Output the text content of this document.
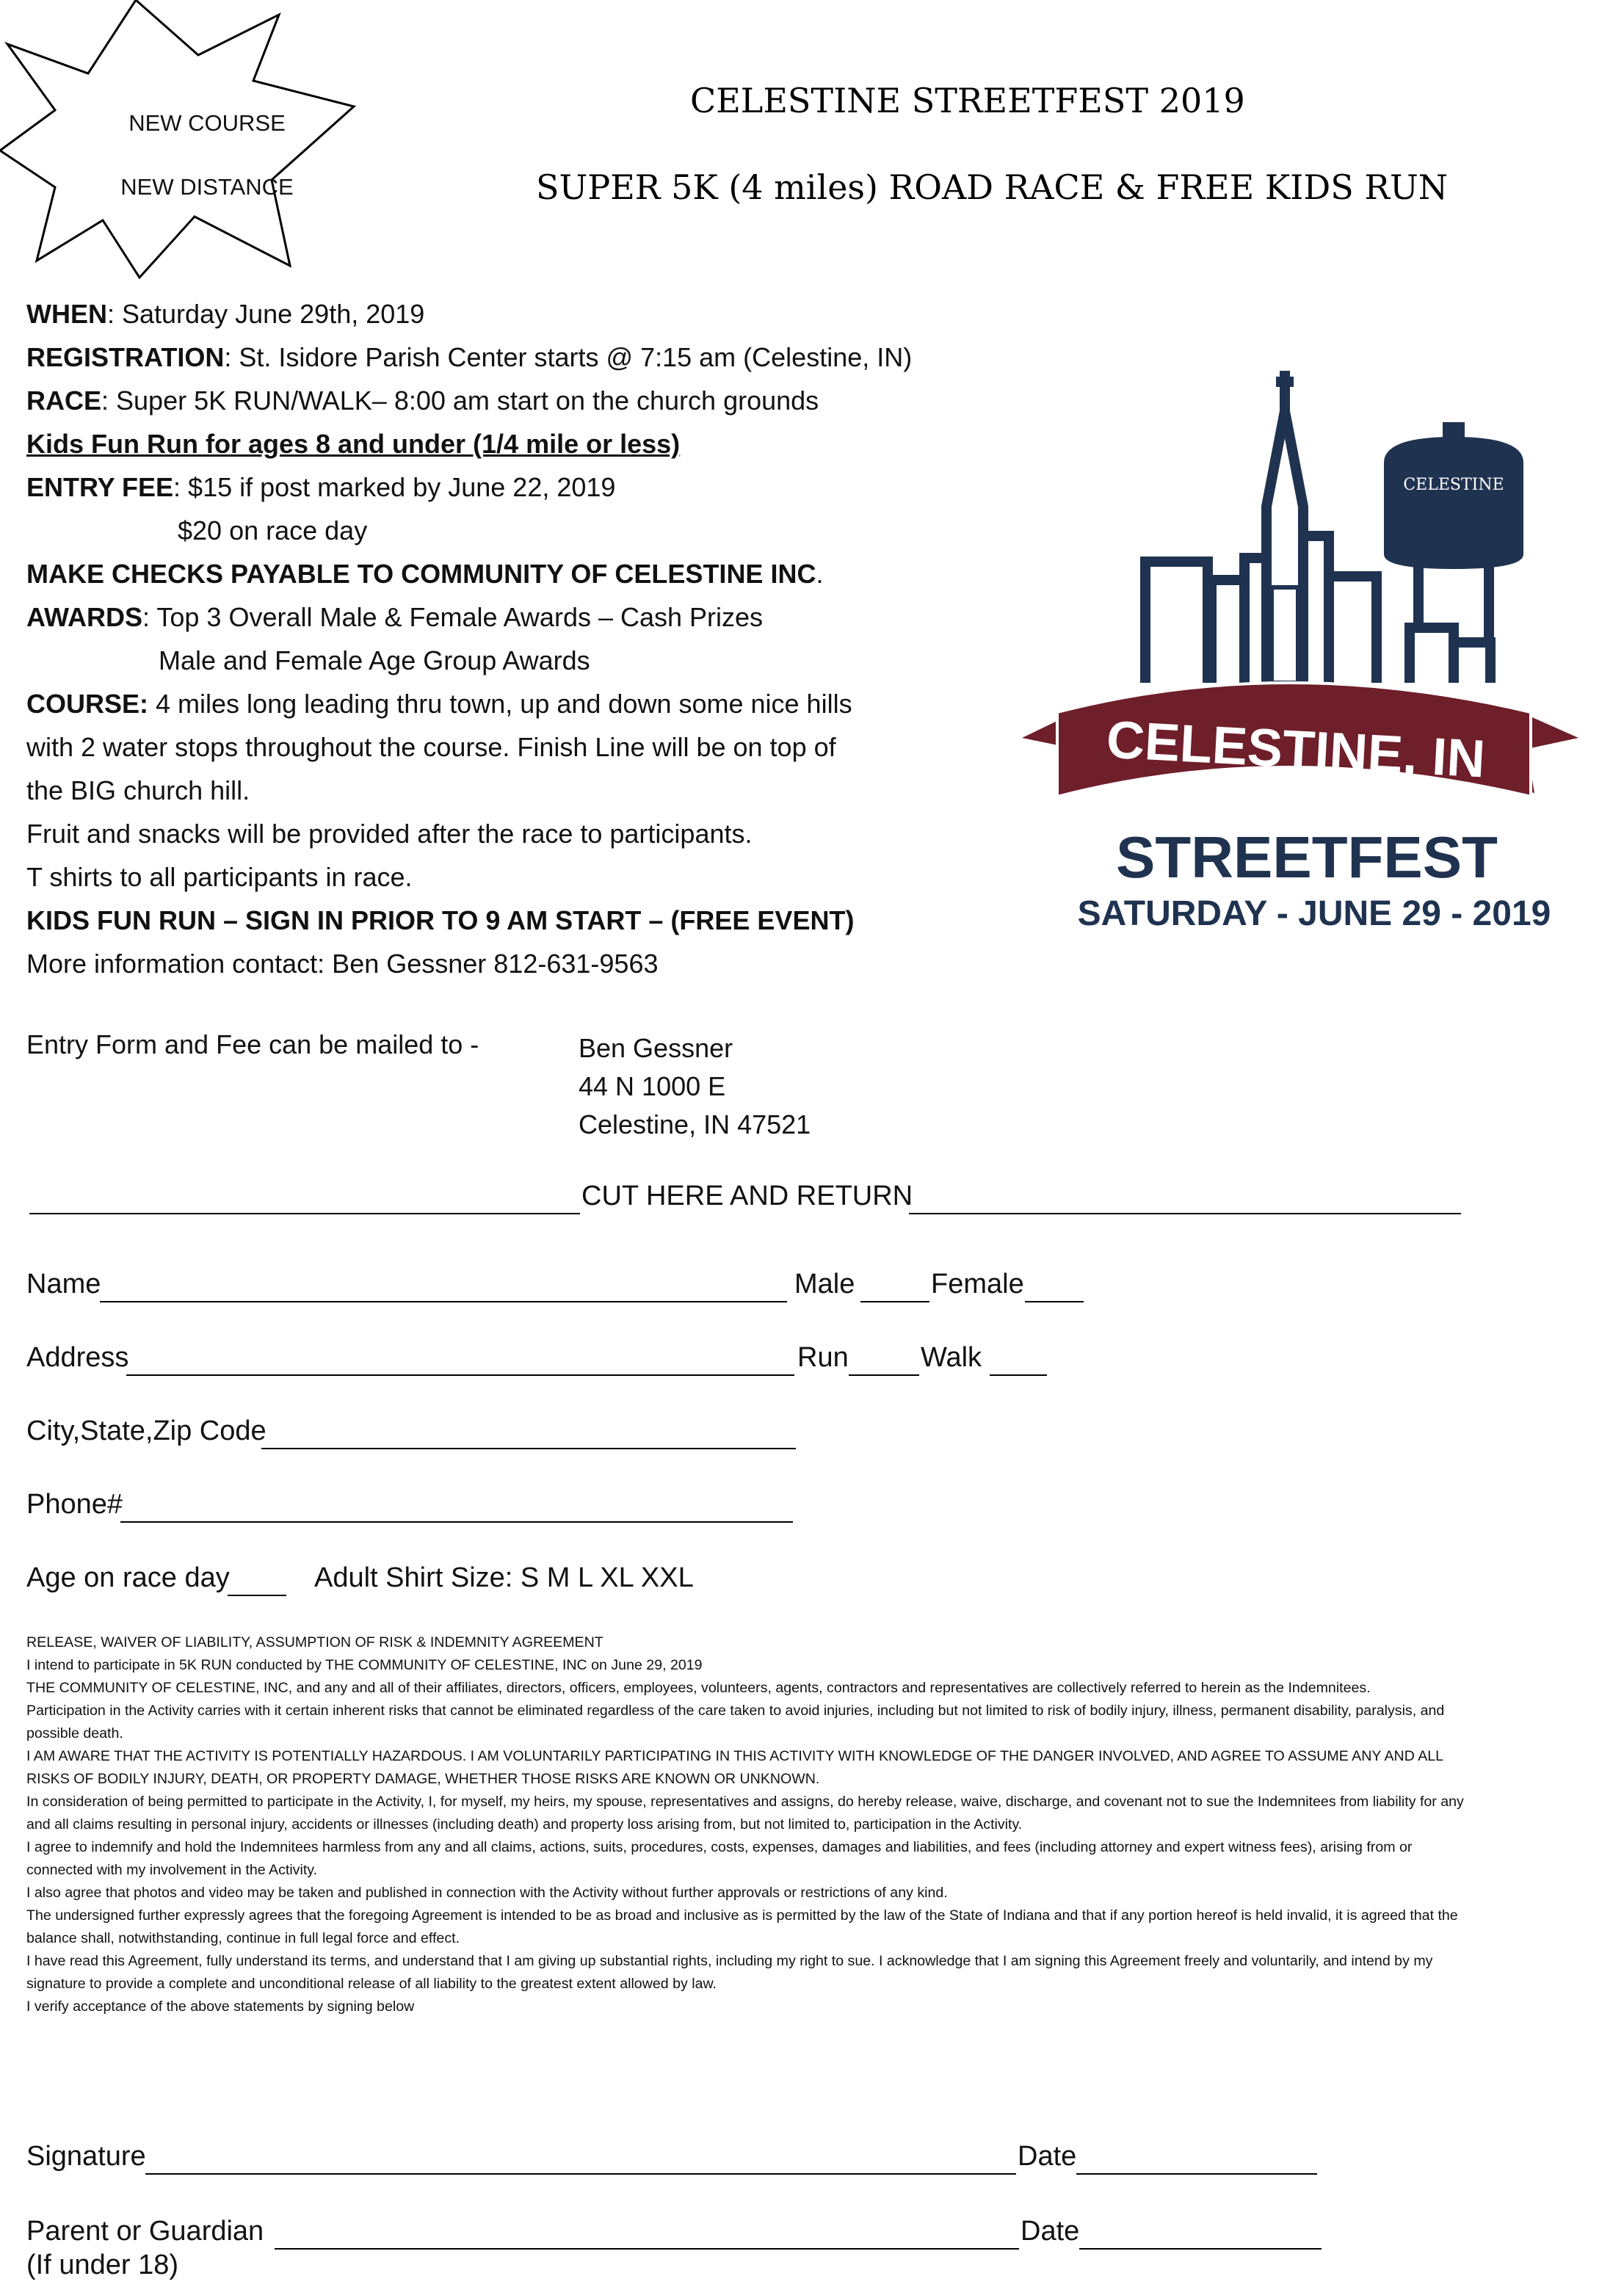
NEW COURSE
NEW DISTANCE
CELESTINE STREETFEST 2019
SUPER 5K (4 miles) ROAD RACE & FREE KIDS RUN
WHEN: Saturday June 29th, 2019
REGISTRATION: St. Isidore Parish Center starts @ 7:15 am (Celestine, IN)
RACE: Super 5K RUN/WALK– 8:00 am start on the church grounds
Kids Fun Run for ages 8 and under (1/4 mile or less)
ENTRY FEE: $15 if post marked by June 22, 2019
$20 on race day
MAKE CHECKS PAYABLE TO COMMUNITY OF CELESTINE INC.
AWARDS: Top 3 Overall Male & Female Awards – Cash Prizes
Male and Female Age Group Awards
COURSE: 4 miles long leading thru town, up and down some nice hills
with 2 water stops throughout the course. Finish Line will be on top of
the BIG church hill.
Fruit and snacks will be provided after the race to participants.
T shirts to all participants in race.
KIDS FUN RUN – SIGN IN PRIOR TO 9 AM START – (FREE EVENT)
More information contact: Ben Gessner 812-631-9563
CELESTINE
CELESTINE, IN
STREETFEST
SATURDAY - JUNE 29 - 2019
Entry Form and Fee can be mailed to -	Ben Gessner
44 N 1000 E
Celestine, IN 47521
CUT HERE AND RETURN
Name	Male	Female
Address	Run	Walk
City,State,Zip Code
Phone#
Age on race day	Adult Shirt Size: S M L XL XXL

RELEASE, WAIVER OF LIABILITY, ASSUMPTION OF RISK & INDEMNITY AGREEMENT

I intend to participate in 5K RUN conducted by THE COMMUNITY OF CELESTINE, INC on June 29, 2019

THE COMMUNITY OF CELESTINE, INC, and any and all of their affiliates, directors, officers, employees, volunteers, agents, contractors and representatives are collectively referred to herein as the Indemnitees.

Participation in the Activity carries with it certain inherent risks that cannot be eliminated regardless of the care taken to avoid injuries, including but not limited to risk of bodily injury, illness, permanent disability, paralysis, and possible death.

I AM AWARE THAT THE ACTIVITY IS POTENTIALLY HAZARDOUS. I AM VOLUNTARILY PARTICIPATING IN THIS ACTIVITY WITH KNOWLEDGE OF THE DANGER INVOLVED, AND AGREE TO ASSUME ANY AND ALL RISKS OF BODILY INJURY, DEATH, OR PROPERTY DAMAGE, WHETHER THOSE RISKS ARE KNOWN OR UNKNOWN.

In consideration of being permitted to participate in the Activity, I, for myself, my heirs, my spouse, representatives and assigns, do hereby release, waive, discharge, and covenant not to sue the Indemnitees from liability for any and all claims resulting in personal injury, accidents or illnesses (including death) and property loss arising from, but not limited to, participation in the Activity.

I agree to indemnify and hold the Indemnitees harmless from any and all claims, actions, suits, procedures, costs, expenses, damages and liabilities, and fees (including attorney and expert witness fees), arising from or connected with my involvement in the Activity.

I also agree that photos and video may be taken and published in connection with the Activity without further approvals or restrictions of any kind.

The undersigned further expressly agrees that the foregoing Agreement is intended to be as broad and inclusive as is permitted by the law of the State of Indiana and that if any portion hereof is held invalid, it is agreed that the balance shall, notwithstanding, continue in full legal force and effect.

I have read this Agreement, fully understand its terms, and understand that I am giving up substantial rights, including my right to sue. I acknowledge that I am signing this Agreement freely and voluntarily, and intend by my signature to provide a complete and unconditional release of all liability to the greatest extent allowed by law.

I verify acceptance of the above statements by signing below

Signature	Date
Parent or Guardian	Date
(If under 18)
